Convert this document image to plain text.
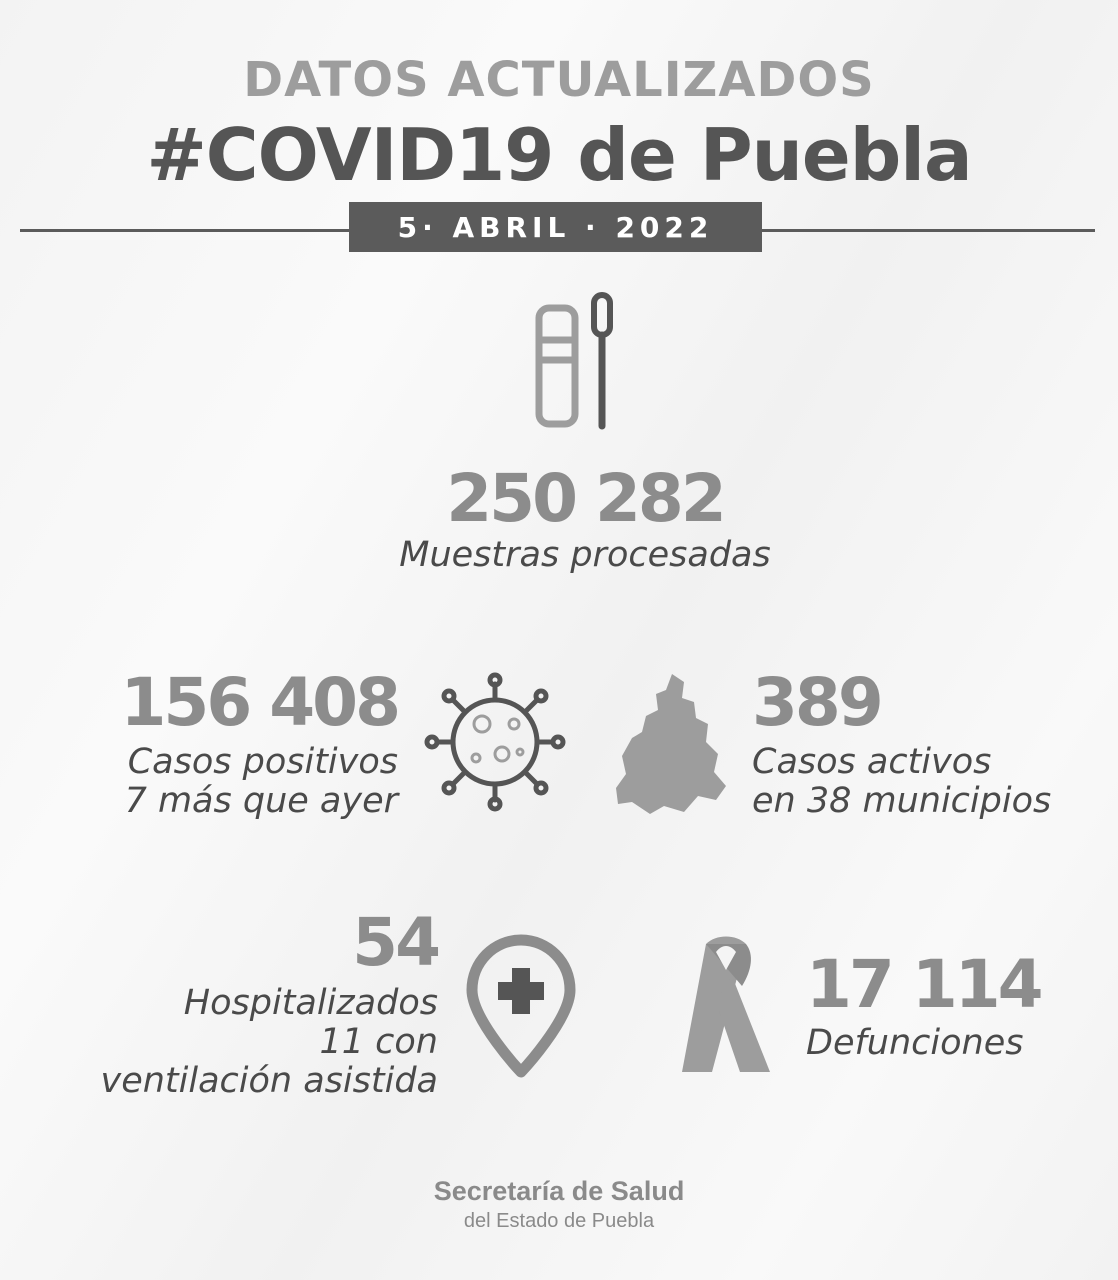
DATOS ACTUALIZADOS
#COVID19 de Puebla
5· ABRIL · 2022
250 282
Muestras procesadas
156 408
Casos positivos
7 más que ayer
389
Casos activos
en 38 municipios
54
Hospitalizados
11 con
ventilación asistida
17 114
Defunciones
Secretaría de Salud
del Estado de Puebla
